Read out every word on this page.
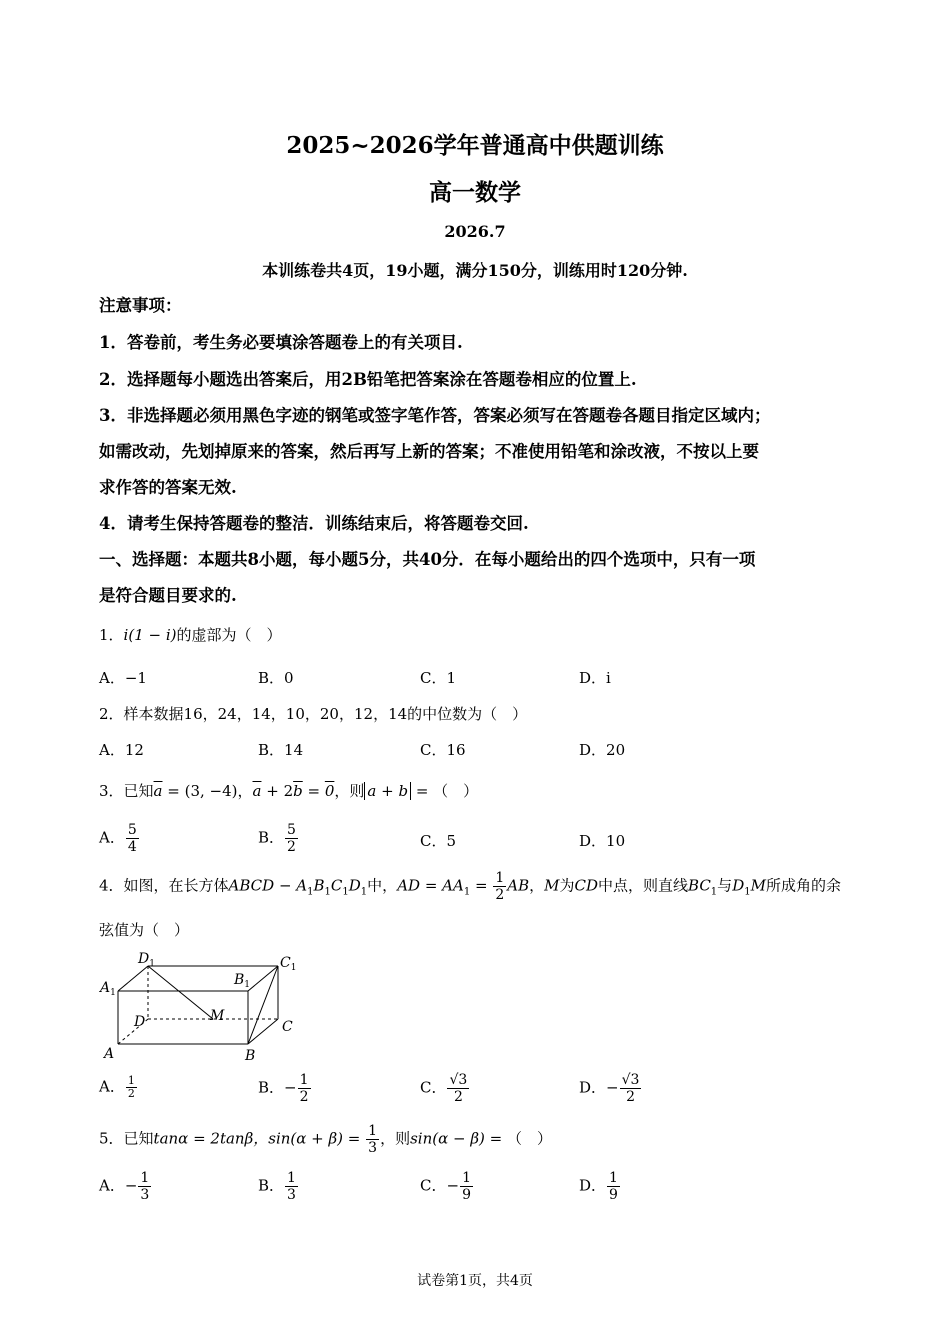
2025~2026学年普通高中供题训练
高一数学
2026.7
本训练卷共4页，19小题，满分150分，训练用时120分钟.
注意事项：
1．答卷前，考生务必要填涂答题卷上的有关项目.
2．选择题每小题选出答案后，用2B铅笔把答案涂在答题卷相应的位置上.
3．非选择题必须用黑色字迹的钢笔或签字笔作答，答案必须写在答题卷各题目指定区域内；
如需改动，先划掉原来的答案，然后再写上新的答案；不准使用铅笔和涂改液，不按以上要
求作答的答案无效.
4．请考生保持答题卷的整洁．训练结束后，将答题卷交回.
一、选择题：本题共8小题，每小题5分，共40分．在每小题给出的四个选项中，只有一项
是符合题目要求的.
1．i(1 − i)的虚部为（　）
A．−1	B．0	C．1	D．i
2．样本数据16，24，14，10，20，12，14的中位数为（　）
A．12	B．14	C．16	D．20
3．已知$\overline{a} = (3$, −4)，$\overline{a} + 2\overline{b} = 0$，则 a + b = （　）
A． $\frac{5}{4}$	B． $\frac{5}{2}$	C．5	D．10
4．如图，在长方体ABCD − $A_1B_1C_1D_1$中，AD = $AA_1 = \frac{1}{2}$ AB，M为CD中点，则直线$BC_1$与$D_1M$所成角的余
弦值为（　）
A	B
C
D	M
$A_1$
$B_1$
$C_1$
$D_1$
A． $\frac{1}{2}$	B．− $\frac{1}{2}$	C． $\frac{√3}{2}$	D．− $\frac{√3}{2}$
5．已知tanα = 2tanβ，$\sin(\alpha + \beta) = \frac{1}{3}$ ，则sin(α − β) = （　）
A．− $\frac{1}{3}$	B． $\frac{1}{3}$	C．− $\frac{1}{9}$	D． $\frac{1}{9}$
试卷第1页，共4页
